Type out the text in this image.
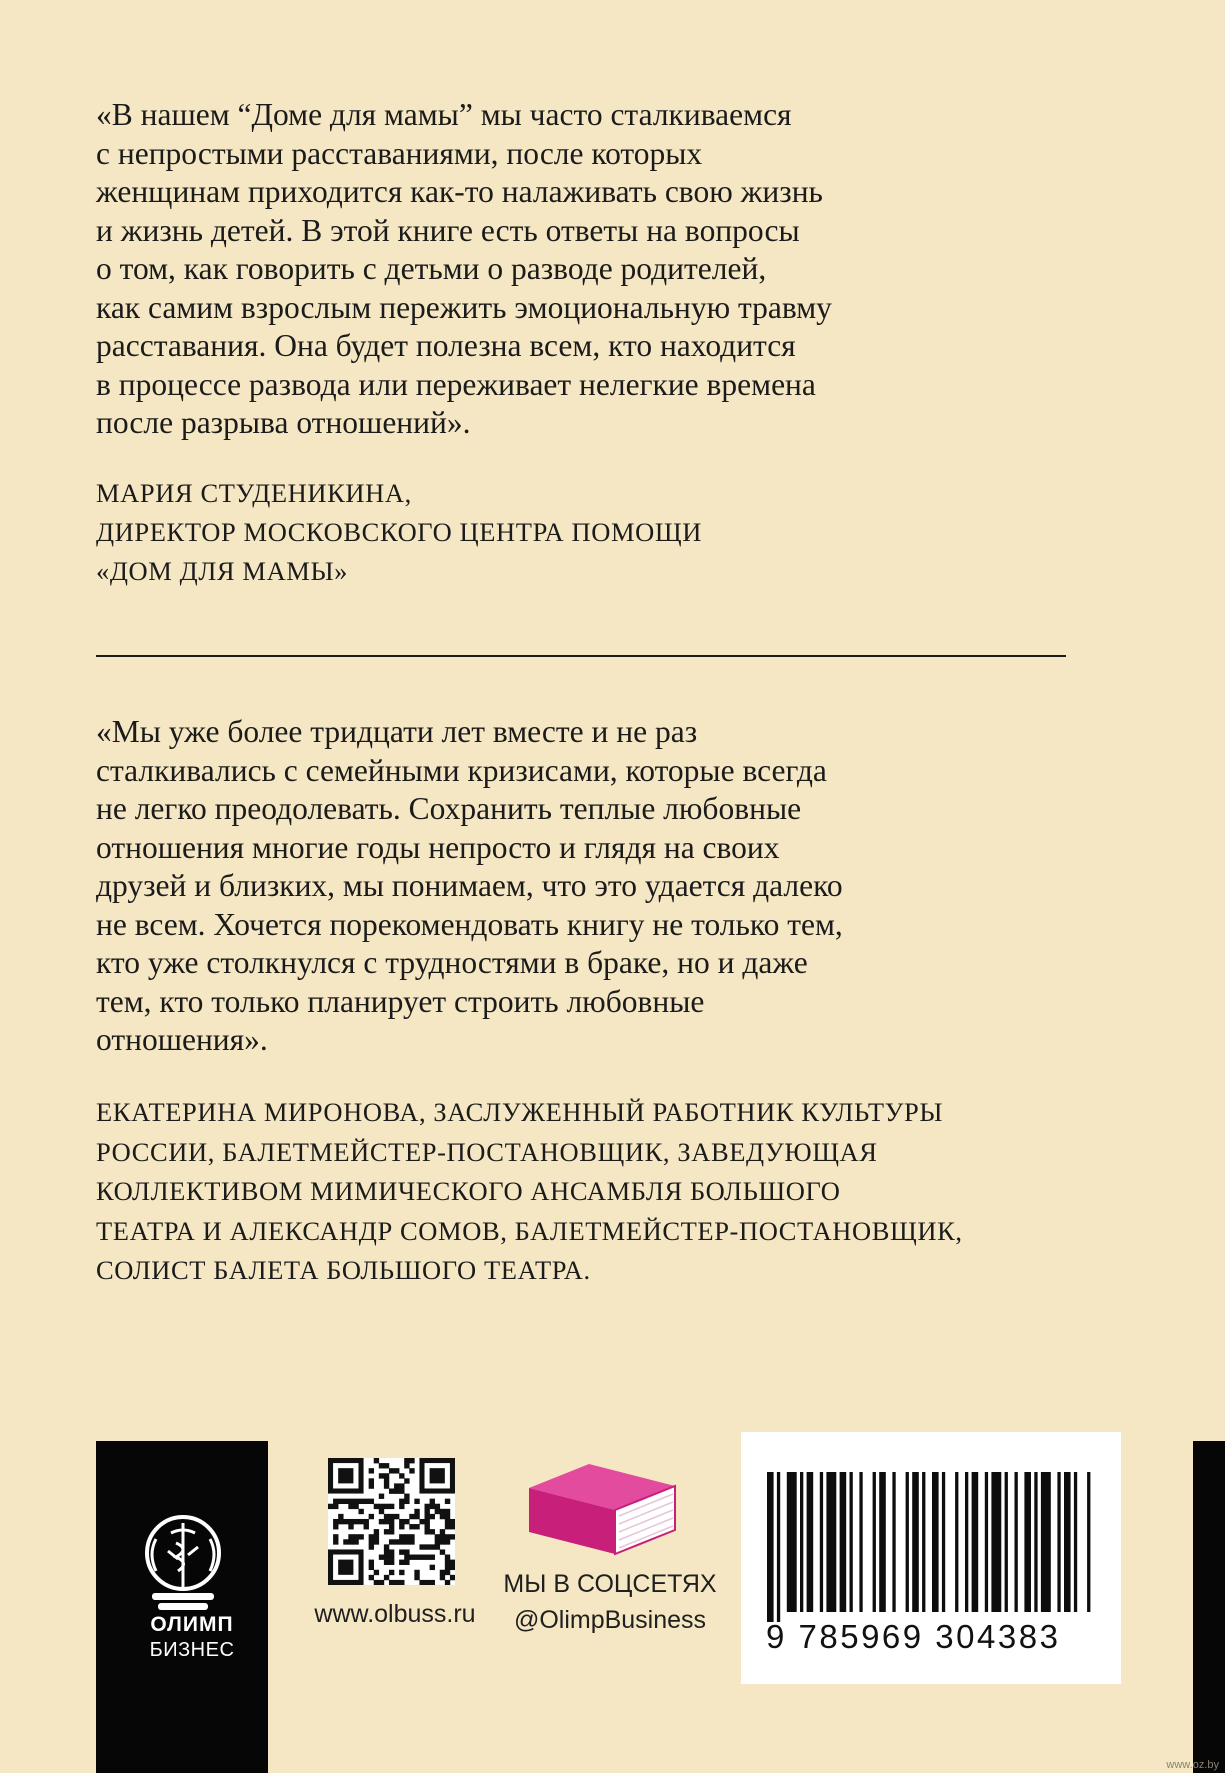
«В нашем “Доме для мамы” мы часто сталкиваемся
с непростыми расставаниями, после которых
женщинам приходится как-то налаживать свою жизнь
и жизнь детей. В этой книге есть ответы на вопросы
о том, как говорить с детьми о разводе родителей,
как самим взрослым пережить эмоциональную травму
расставания. Она будет полезна всем, кто находится
в процессе развода или переживает нелегкие времена
после разрыва отношений».
МАРИЯ СТУДЕНИКИНА,
ДИРЕКТОР МОСКОВСКОГО ЦЕНТРА ПОМОЩИ
«ДОМ ДЛЯ МАМЫ»
«Мы уже более тридцати лет вместе и не раз
сталкивались с семейными кризисами, которые всегда
не легко преодолевать. Сохранить теплые любовные
отношения многие годы непросто и глядя на своих
друзей и близких, мы понимаем, что это удается далеко
не всем. Хочется порекомендовать книгу не только тем,
кто уже столкнулся с трудностями в браке, но и даже
тем, кто только планирует строить любовные
отношения».
ЕКАТЕРИНА МИРОНОВА, ЗАСЛУЖЕННЫЙ РАБОТНИК КУЛЬТУРЫ
РОССИИ, БАЛЕТМЕЙСТЕР-ПОСТАНОВЩИК, ЗАВЕДУЮЩАЯ
КОЛЛЕКТИВОМ МИМИЧЕСКОГО АНСАМБЛЯ БОЛЬШОГО
ТЕАТРА И АЛЕКСАНДР СОМОВ, БАЛЕТМЕЙСТЕР-ПОСТАНОВЩИК,
СОЛИСТ БАЛЕТА БОЛЬШОГО ТЕАТРА.
ОЛИМП
БИЗНЕС
www.olbuss.ru
МЫ В СОЦСЕТЯХ
@OlimpBusiness	9 785969 304383
www.oz.by
